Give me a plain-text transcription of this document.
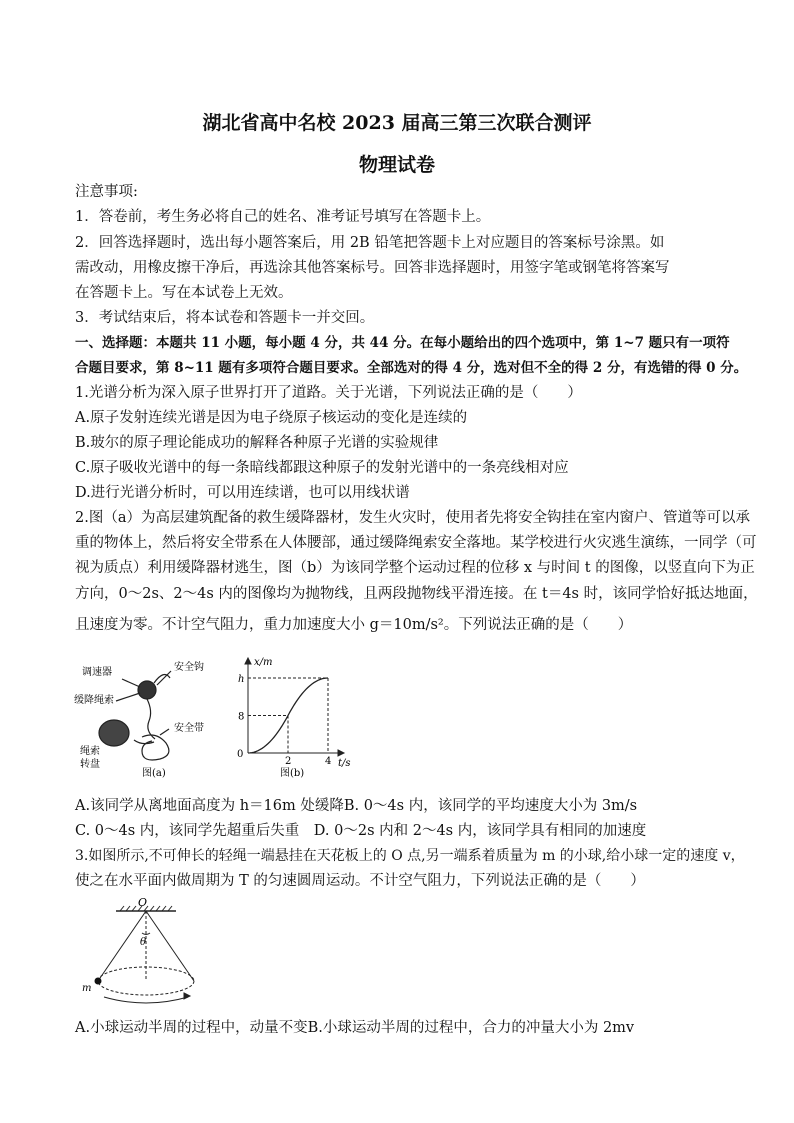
湖北省高中名校 2023 届高三第三次联合测评
物理试卷
注意事项:
1．答卷前，考生务必将自己的姓名、准考证号填写在答题卡上。
2．回答选择题时，选出每小题答案后，用 2B 铅笔把答题卡上对应题目的答案标号涂黑。如
需改动，用橡皮擦干净后，再选涂其他答案标号。回答非选择题时，用签字笔或钢笔将答案写
在答题卡上。写在本试卷上无效。
3．考试结束后，将本试卷和答题卡一并交回。
一、选择题：本题共 11 小题，每小题 4 分，共 44 分。在每小题给出的四个选项中，第 1~7 题只有一项符
合题目要求，第 8~11 题有多项符合题目要求。全部选对的得 4 分，选对但不全的得 2 分，有选错的得 0 分。
1.光谱分析为深入原子世界打开了道路。关于光谱，下列说法正确的是（　　）
A.原子发射连续光谱是因为电子绕原子核运动的变化是连续的
B.玻尔的原子理论能成功的解释各种原子光谱的实验规律
C.原子吸收光谱中的每一条暗线都跟这种原子的发射光谱中的一条亮线相对应
D.进行光谱分析时，可以用连续谱，也可以用线状谱
2.图（a）为高层建筑配备的救生缓降器材，发生火灾时，使用者先将安全钩挂在室内窗户、管道等可以承
重的物体上，然后将安全带系在人体腰部，通过缓降绳索安全落地。某学校进行火灾逃生演练，一同学（可
视为质点）利用缓降器材逃生，图（b）为该同学整个运动过程的位移 x 与时间 t 的图像，以竖直向下为正
方向，0～2s、2～4s 内的图像均为抛物线，且两段抛物线平滑连接。在 t＝4s 时，该同学恰好抵达地面，
且速度为零。不计空气阻力，重力加速度大小 g＝10m/s²。下列说法正确的是（　　）
调速器	安全钩
缓降绳索
安全带
绳索
转盘
图(a)
x/m
t/s
0
2	4
8
h
图(b)
A.该同学从离地面高度为 h＝16m 处缓降B. 0～4s 内，该同学的平均速度大小为 3m/s
C. 0～4s 内，该同学先超重后失重　D. 0～2s 内和 2～4s 内，该同学具有相同的加速度
3.如图所示,不可伸长的轻绳一端悬挂在天花板上的 O 点,另一端系着质量为 m 的小球,给小球一定的速度 v，
使之在水平面内做周期为 T 的匀速圆周运动。不计空气阻力，下列说法正确的是（　　）
O
θ
m
A.小球运动半周的过程中，动量不变B.小球运动半周的过程中，合力的冲量大小为 2mv
